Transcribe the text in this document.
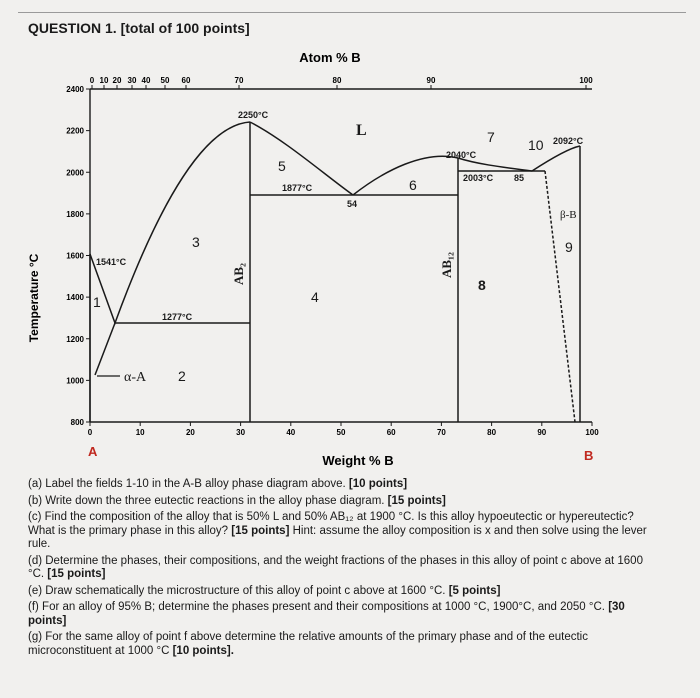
QUESTION 1. [total of 100 points]
Atom % B
Weight % B
Temperature °C
0 10 20 30 40 50 60	70	80	90	100
0	10	20	30	40	50	60	70	80	90	100
2400
2200
2000
1800
1600
1400
1200
1000
800
1541°C
1277°C
2250°C
1877°C
54
2040°C
2003°C 85
2092°C
L
AB₂	AB₁₂
α-A
β-B
1
2
3
4
5
6
7
8
9
10
A	B

(a) Label the fields 1-10 in the A-B alloy phase diagram above. [10 points]

(b) Write down the three eutectic reactions in the alloy phase diagram. [15 points]

(c) Find the composition of the alloy that is 50% L and 50% AB₁₂ at 1900 °C. Is this alloy hypoeutectic or hypereutectic? What is the primary phase in this alloy? [15 points] Hint: assume the alloy composition is x and then solve using the lever rule.

(d) Determine the phases, their compositions, and the weight fractions of the phases in this alloy of point c above at 1600 °C. [15 points]

(e) Draw schematically the microstructure of this alloy of point c above at 1600 °C. [5 points]

(f) For an alloy of 95% B; determine the phases present and their compositions at 1000 °C, 1900°C, and 2050 °C. [30 points]

(g) For the same alloy of point f above determine the relative amounts of the primary phase and of the eutectic microconstituent at 1000 °C [10 points].
